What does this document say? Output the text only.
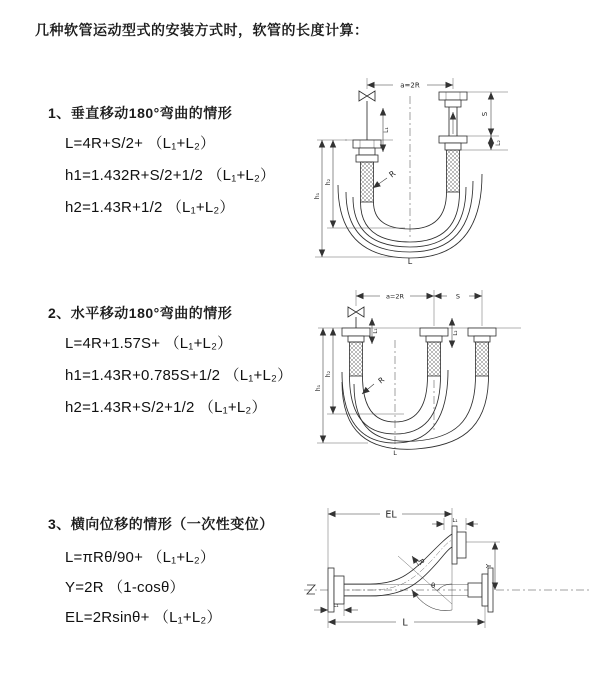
几种软管运动型式的安装方式时，软管的长度计算：
1、垂直移动180°弯曲的情形
L=4R+S/2+ （L₁+L₂）
h1=1.432R+S/2+1/2 （L₁+L₂）
h2=1.43R+1/2 （L₁+L₂）
2、水平移动180°弯曲的情形
L=4R+1.57S+ （L₁+L₂）
h1=1.43R+0.785S+1/2 （L₁+L₂）
h2=1.43R+S/2+1/2 （L₁+L₂）
3、横向位移的情形（一次性变位）
L=πRθ/90+ （L₁+L₂）
Y=2R （1-cosθ）
EL=2Rsinθ+ （L₁+L₂）
a=2R
L₁
S
L₂
R
L
h₁
h₂
a=2R	S
L₁	L₂
R
L
h₁
h₂
EL
L₁
Y
R
θ
L
L₁
